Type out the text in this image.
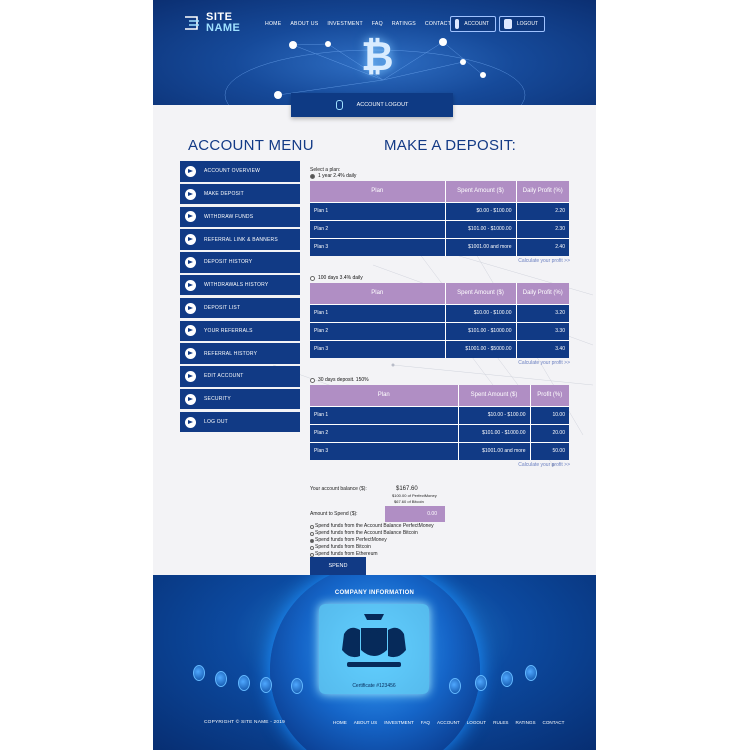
SITE
NAME	HOME ABOUT US INVESTMENT FAQ RATINGS CONTACT	ACCOUNT	LOGOUT
₿
ACCOUNT LOGOUT
ACCOUNT MENU
ACCOUNT OVERVIEW
MAKE DEPOSIT
WITHDRAW FUNDS
REFERRAL LINK & BANNERS
DEPOSIT HISTORY
WITHDRAWALS HISTORY
DEPOSIT LIST
YOUR REFERRALS
REFERRAL HISTORY
EDIT ACCOUNT
SECURITY
LOG OUT
MAKE A DEPOSIT:
Select a plan:
1 year 2.4% daily
Plan	Spent Amount ($)	Daily Profit (%)
Plan 1	$0.00 - $100.00	2.20
Plan 2	$101.00 - $1000.00	2.30
Plan 3	$1001.00 and more	2.40
Calculate your profit >>
100 days 3.4% daily
Plan	Spent Amount ($)	Daily Profit (%)
Plan 1	$10.00 - $100.00	3.20
Plan 2	$101.00 - $1000.00	3.30
Plan 3	$1001.00 - $5000.00	3.40
Calculate your profit >>
30 days deposit. 150%
Plan	Spent Amount ($)	Profit (%)
Plan 1	$10.00 - $100.00	10.00
Plan 2	$101.00 - $1000.00	20.00
Plan 3	$1001.00 and more	50.00
Calculate your profit >>
Your account balance ($):	$167.60
$100.00 of PerfectMoney
$67.60 of Bitcoin
Amount to Spend ($):
0.00
Spend funds from the Account Balance PerfectMoney
Spend funds from the Account Balance Bitcoin
Spend funds from PerfectMoney
Spend funds from Bitcoin
Spend funds from Ethereum
SPEND
COMPANY INFORMATION
Certificate #123456
COPYRIGHT © SITE NAME - 2019	HOME ABOUT US INVESTMENT FAQ ACCOUNT LOGOUT RULES RATINGS CONTACT
